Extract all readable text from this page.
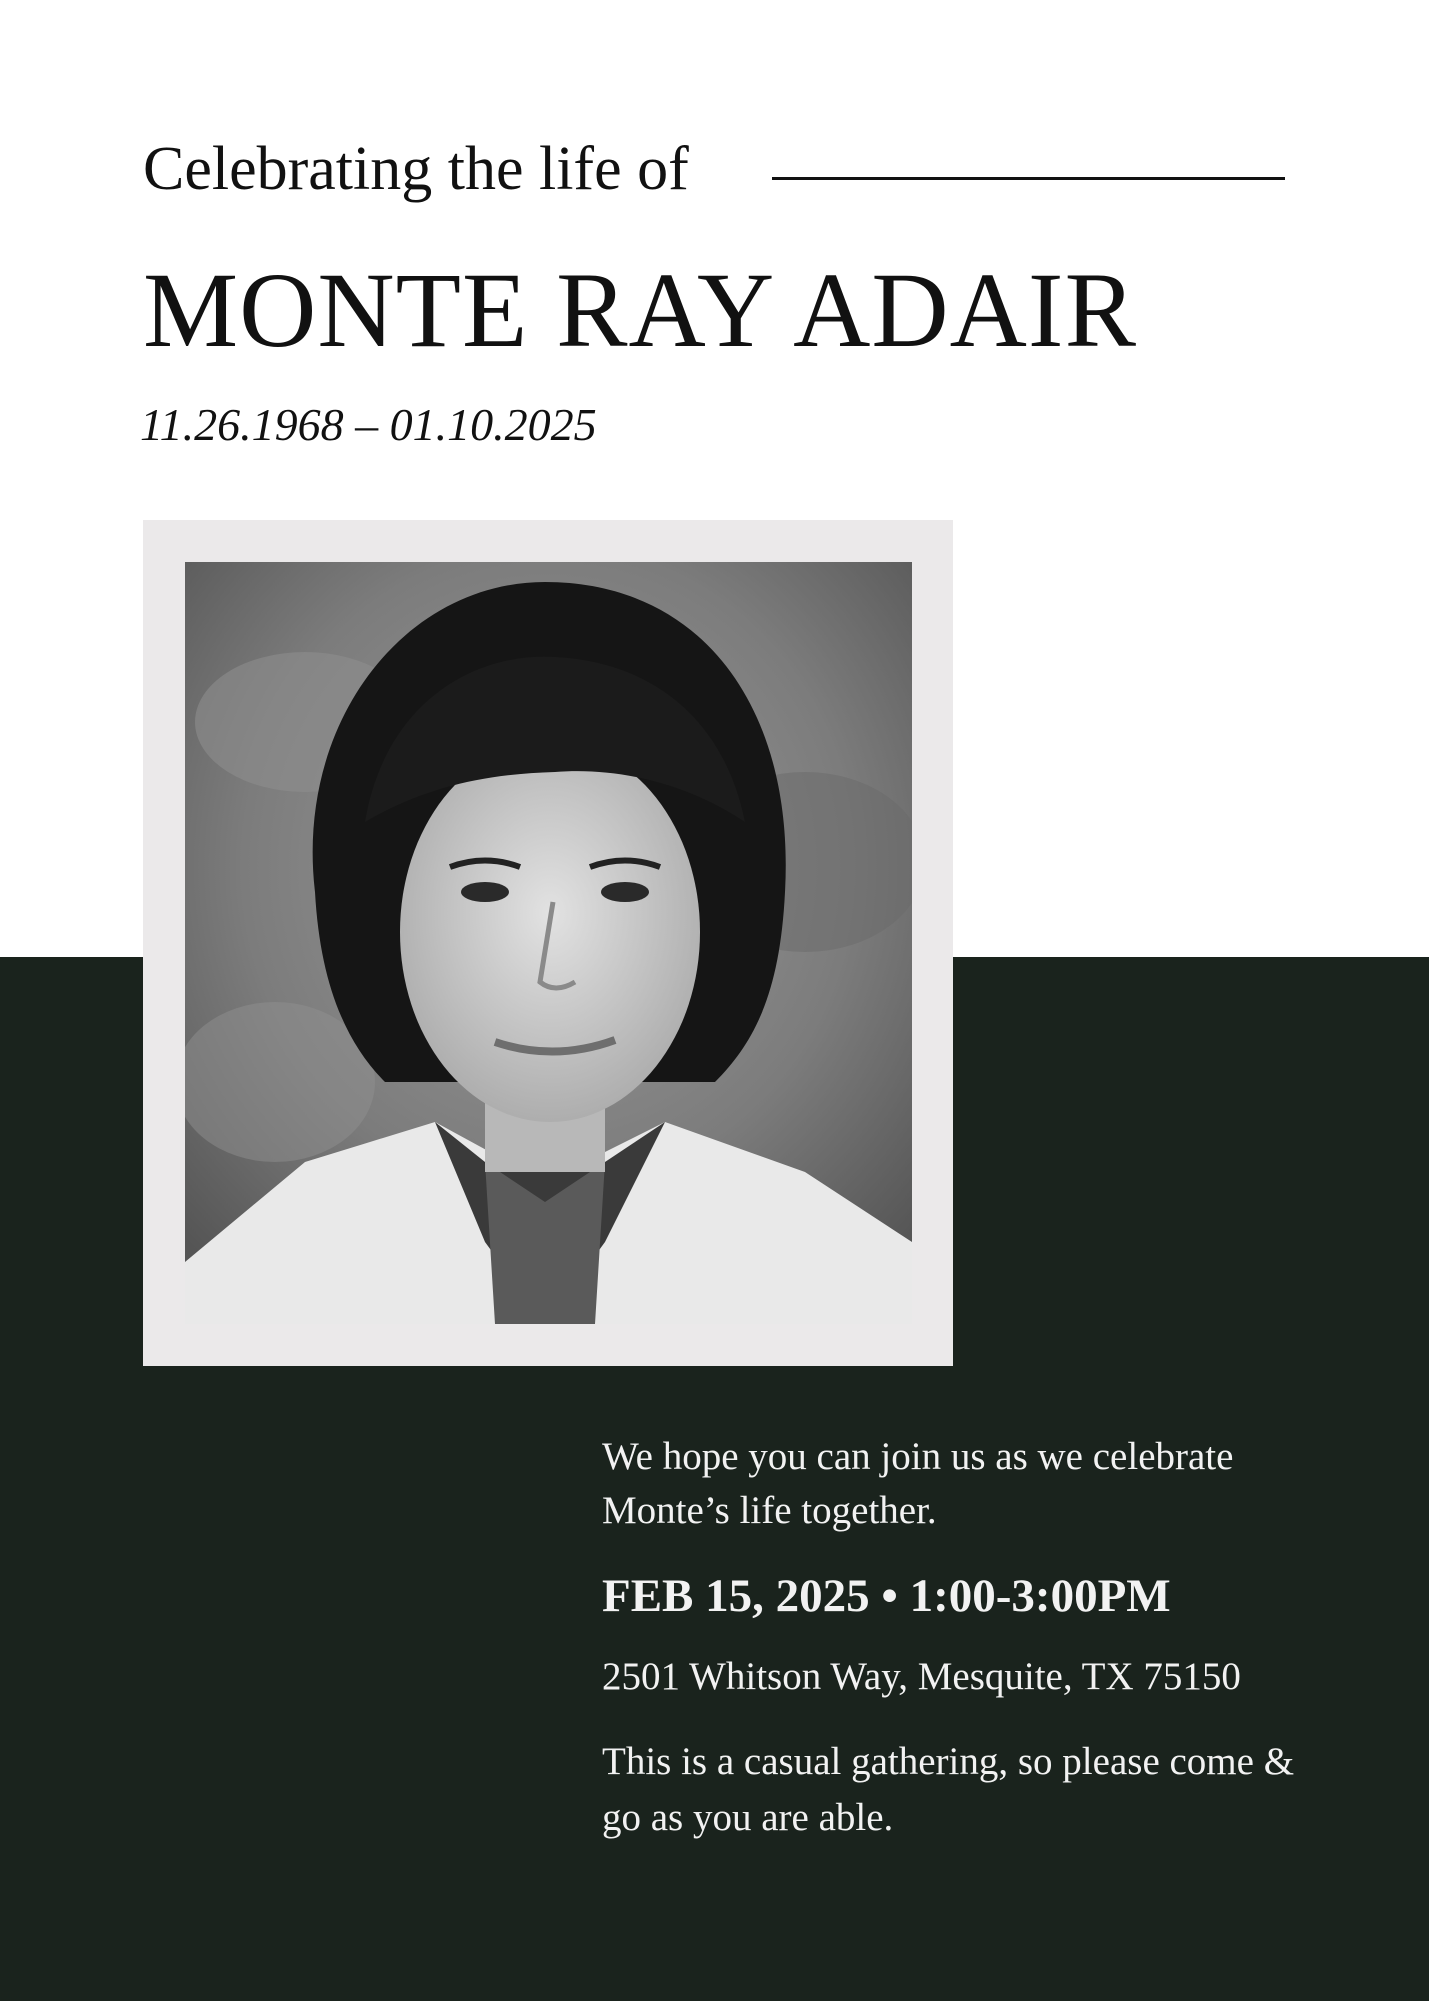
Celebrating the life of
MONTE RAY ADAIR
11.26.1968 – 01.10.2025

We hope you can join us as we celebrate Monte’s life together.

FEB 15, 2025 • 1:00-3:00PM

2501 Whitson Way, Mesquite, TX 75150

This is a casual gathering, so please come & go as you are able.
